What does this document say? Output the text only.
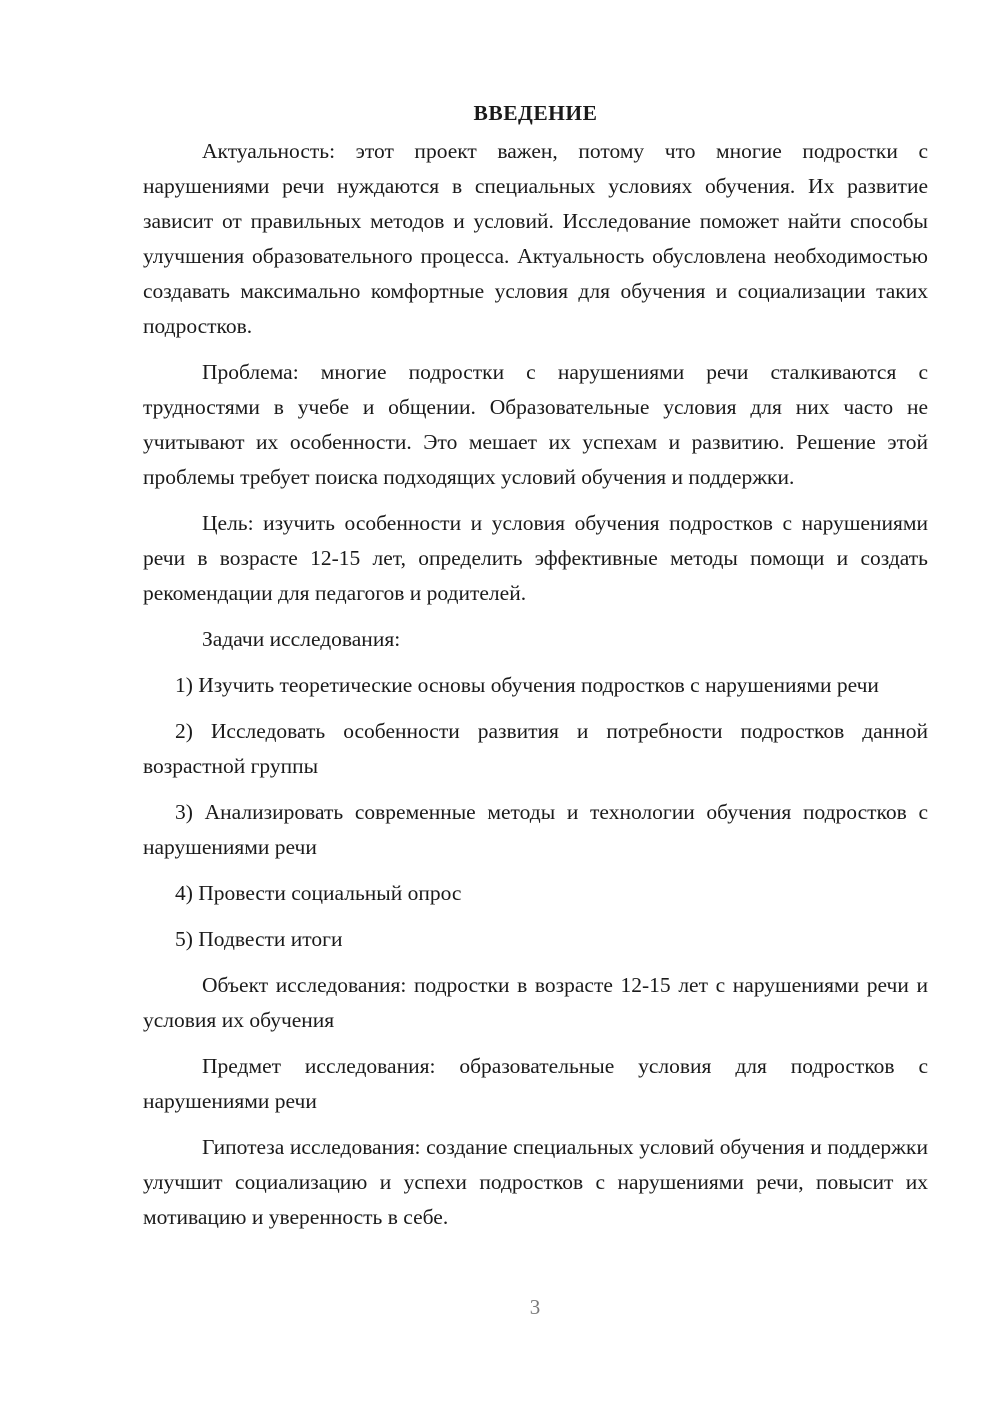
ВВЕДЕНИЕ

Актуальность: этот проект важен, потому что многие подростки с нарушениями речи нуждаются в специальных условиях обучения. Их развитие зависит от правильных методов и условий. Исследование поможет найти способы улучшения образовательного процесса. Актуальность обусловлена необходимостью создавать максимально комфортные условия для обучения и социализации таких подростков.

Проблема: многие подростки с нарушениями речи сталкиваются с трудностями в учебе и общении. Образовательные условия для них часто не учитывают их особенности. Это мешает их успехам и развитию. Решение этой проблемы требует поиска подходящих условий обучения и поддержки.

Цель: изучить особенности и условия обучения подростков с нарушениями речи в возрасте 12-15 лет, определить эффективные методы помощи и создать рекомендации для педагогов и родителей.

Задачи исследования:

1) Изучить теоретические основы обучения подростков с нарушениями речи

2) Исследовать особенности развития и потребности подростков данной возрастной группы

3) Анализировать современные методы и технологии обучения подростков с нарушениями речи

4) Провести социальный опрос

5) Подвести итоги

Объект исследования: подростки в возрасте 12-15 лет с нарушениями речи и условия их обучения

Предмет исследования: образовательные условия для подростков с нарушениями речи

Гипотеза исследования: создание специальных условий обучения и поддержки улучшит социализацию и успехи подростков с нарушениями речи, повысит их мотивацию и уверенность в себе.

3
